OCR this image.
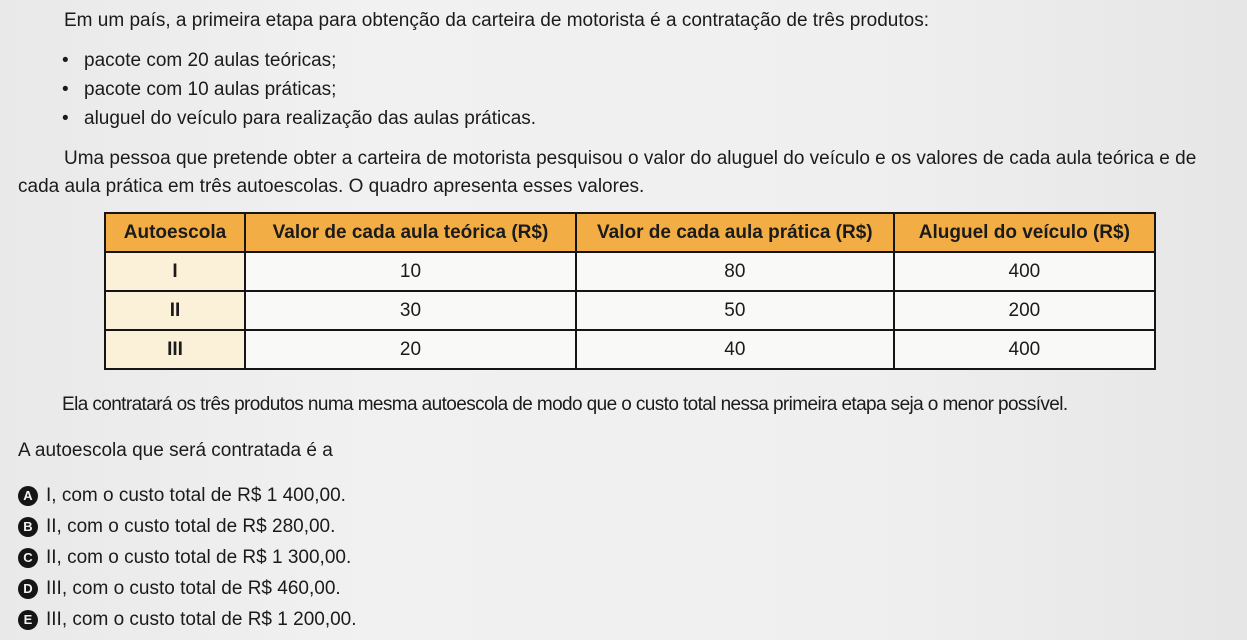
Em um país, a primeira etapa para obtenção da carteira de motorista é a contratação de três produtos:
• pacote com 20 aulas teóricas;
• pacote com 10 aulas práticas;
• aluguel do veículo para realização das aulas práticas.

Uma pessoa que pretende obter a carteira de motorista pesquisou o valor do aluguel do veículo e os valores de cada aula teórica e de cada aula prática em três autoescolas. O quadro apresenta esses valores.

Autoescola	Valor de cada aula teórica (R$)	Valor de cada aula prática (R$)	Aluguel do veículo (R$)
I	10	80	400
II	30	50	200
III	20	40	400
Ela contratará os três produtos numa mesma autoescola de modo que o custo total nessa primeira etapa seja o menor possível.
A autoescola que será contratada é a
A I, com o custo total de R$ 1 400,00.
B II, com o custo total de R$ 280,00.
C II, com o custo total de R$ 1 300,00.
D III, com o custo total de R$ 460,00.
E III, com o custo total de R$ 1 200,00.
